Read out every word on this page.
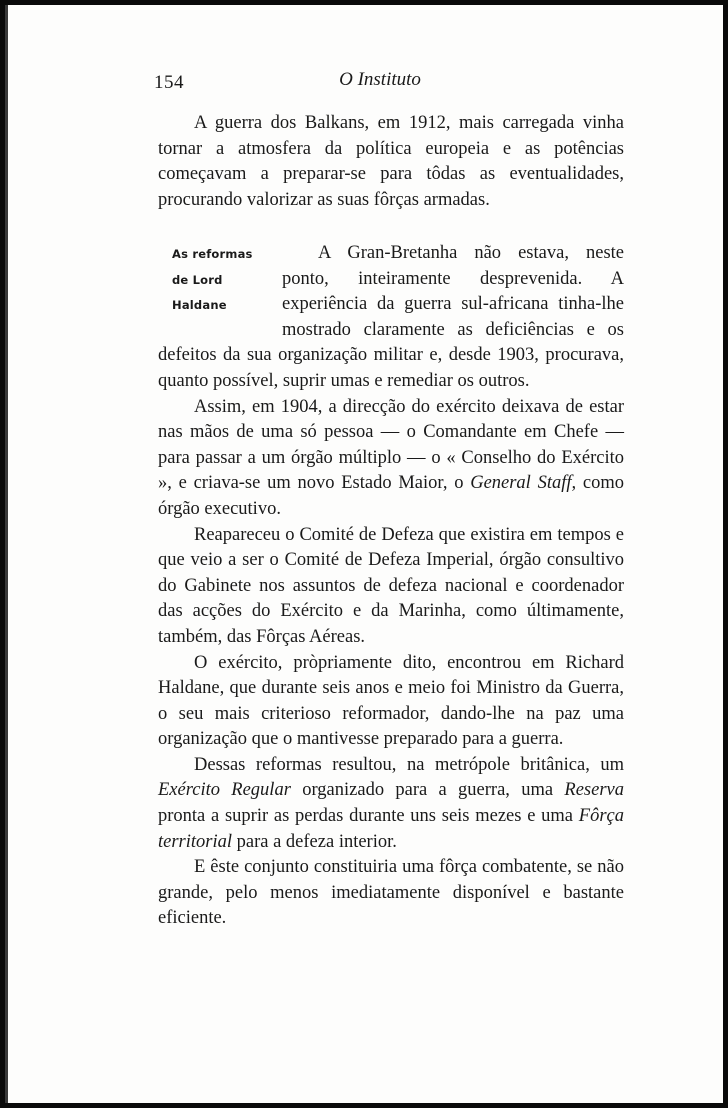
154	O Instituto

A guerra dos Balkans, em 1912, mais carregada vinha tornar a atmosfera da política europeia e as potências começavam a preparar-se para tôdas as eventualidades, procurando valorizar as suas fôrças armadas.

As reformas
de Lord Haldane

A Gran-Bretanha não estava, neste ponto, inteiramente desprevenida. A experiência da guerra sul-africana tinha-lhe mostrado claramente as deficiências e os defeitos da sua organização militar e, desde 1903, procurava, quanto possível, suprir umas e remediar os outros.

Assim, em 1904, a direcção do exército deixava de estar nas mãos de uma só pessoa — o Comandante em Chefe — para passar a um órgão múltiplo — o « Conselho do Exército », e criava-se um novo Estado Maior, o General Staff, como órgão executivo.

Reapareceu o Comité de Defeza que existira em tempos e que veio a ser o Comité de Defeza Imperial, órgão consultivo do Gabinete nos assuntos de defeza nacional e coordenador das acções do Exército e da Marinha, como últimamente, também, das Fôrças Aéreas.

O exército, pròpriamente dito, encontrou em Richard Haldane, que durante seis anos e meio foi Ministro da Guerra, o seu mais criterioso reformador, dando-lhe na paz uma organização que o mantivesse preparado para a guerra.

Dessas reformas resultou, na metrópole britânica, um Exército Regular organizado para a guerra, uma Reserva pronta a suprir as perdas durante uns seis mezes e uma Fôrça territorial para a defeza interior.

E êste conjunto constituiria uma fôrça combatente, se não grande, pelo menos imediatamente disponível e bastante eficiente.
